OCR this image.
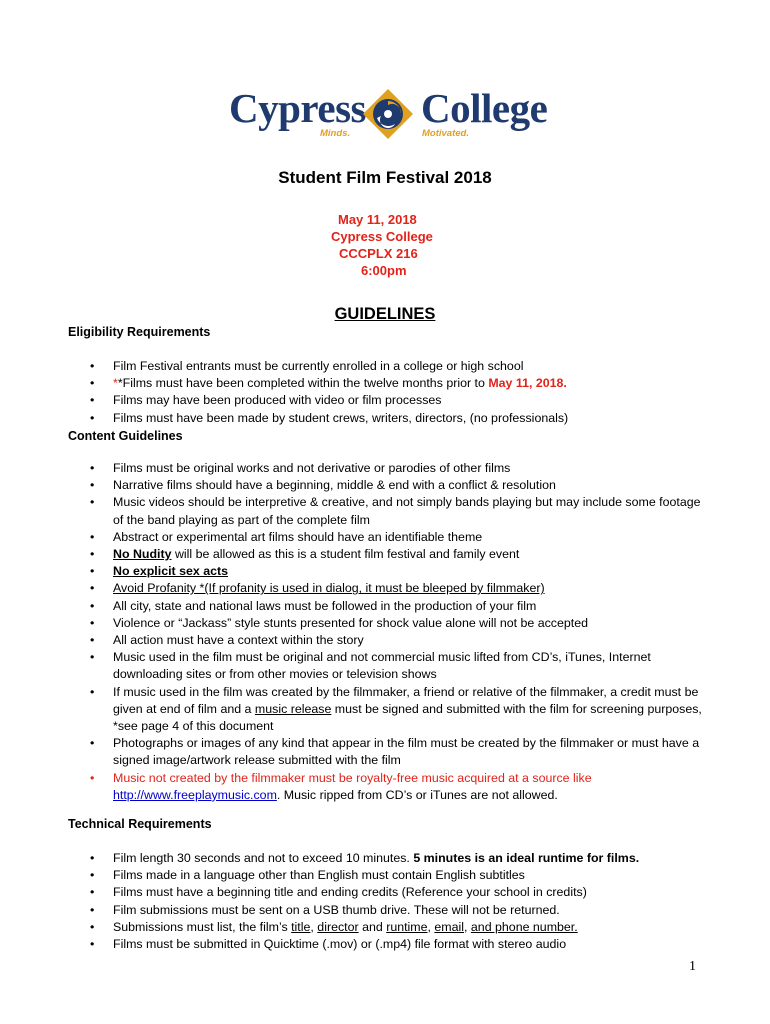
Cypress College
Minds.	Motivated.
Student Film Festival 2018
May 11, 2018
Cypress College
CCCPLX 216
6:00pm
GUIDELINES
Eligibility Requirements
• Film Festival entrants must be currently enrolled in a college or high school
• **Films must have been completed within the twelve months prior to May 11, 2018.
• Films may have been produced with video or film processes
• Films must have been made by student crews, writers, directors, (no professionals)
Content Guidelines
• Films must be original works and not derivative or parodies of other films
• Narrative films should have a beginning, middle & end with a conflict & resolution
• Music videos should be interpretive & creative, and not simply bands playing but may include some footage of the band playing as part of the complete film
• Abstract or experimental art films should have an identifiable theme
• No Nudity will be allowed as this is a student film festival and family event
• No explicit sex acts
• Avoid Profanity *(If profanity is used in dialog, it must be bleeped by filmmaker)
• All city, state and national laws must be followed in the production of your film
• Violence or “Jackass” style stunts presented for shock value alone will not be accepted
• All action must have a context within the story
• Music used in the film must be original and not commercial music lifted from CD’s, iTunes, Internet downloading sites or from other movies or television shows
• If music used in the film was created by the filmmaker, a friend or relative of the filmmaker, a credit must be given at end of film and a music release must be signed and submitted with the film for screening purposes, *see page 4 of this document
• Photographs or images of any kind that appear in the film must be created by the filmmaker or must have a signed image/artwork release submitted with the film
• Music not created by the filmmaker must be royalty-free music acquired at a source like http://www.freeplaymusic.com. Music ripped from CD’s or iTunes are not allowed.
Technical Requirements
• Film length 30 seconds and not to exceed 10 minutes. 5 minutes is an ideal runtime for films.
• Films made in a language other than English must contain English subtitles
• Films must have a beginning title and ending credits (Reference your school in credits)
• Film submissions must be sent on a USB thumb drive. These will not be returned.
• Submissions must list, the film’s title, director and runtime, email, and phone number.
• Films must be submitted in Quicktime (.mov) or (.mp4) file format with stereo audio
1
